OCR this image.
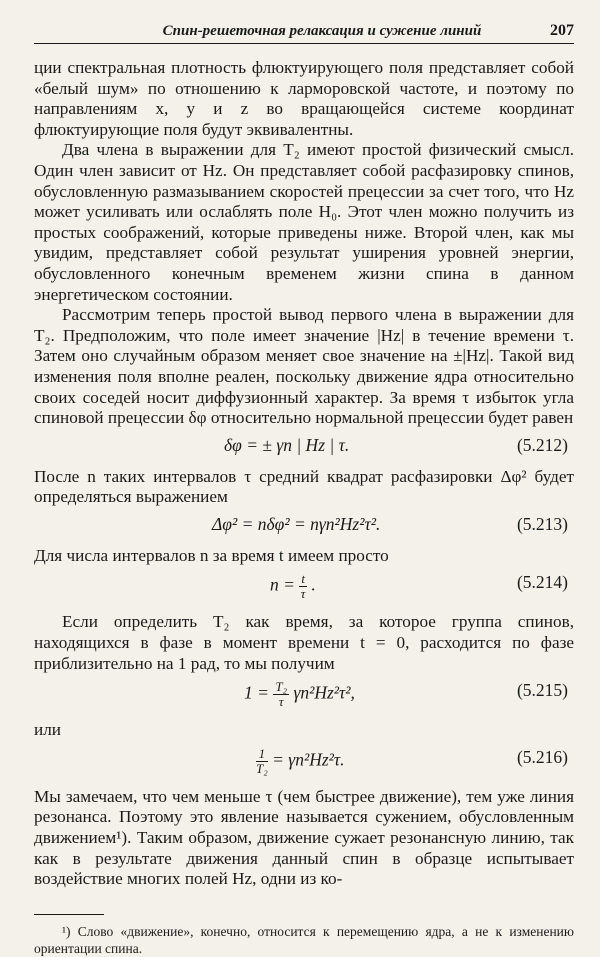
Спин-решеточная релаксация и сужение линий	207

ции спектральная плотность флюктуирующего поля представляет собой «белый шум» по отношению к ларморовской частоте, и поэтому по направлениям x, y и z во вращающейся системе координат флюктуирующие поля будут эквивалентны.

Два члена в выражении для T₂ имеют простой физический смысл. Один член зависит от Hz. Он представляет собой расфазировку спинов, обусловленную размазыванием скоростей прецессии за счет того, что Hz может усиливать или ослаблять поле H₀. Этот член можно получить из простых соображений, которые приведены ниже. Второй член, как мы увидим, представляет собой результат уширения уровней энергии, обусловленного конечным временем жизни спина в данном энергетическом состоянии.

Рассмотрим теперь простой вывод первого члена в выражении для T₂. Предположим, что поле имеет значение |Hz| в течение времени τ. Затем оно случайным образом меняет свое значение на ±|Hz|. Такой вид изменения поля вполне реален, поскольку движение ядра относительно своих соседей носит диффузионный характер. За время τ избыток угла спиновой прецессии δφ относительно нормальной прецессии будет равен

δφ = ± γn | Hz | τ.	(5.212)

После n таких интервалов τ средний квадрат расфазировки Δφ² будет определяться выражением

Δφ² = nδφ² = nγn²Hz²τ².	(5.213)

Для числа интервалов n за время t имеем просто

$n = \frac{t}{\tau}$ .	(5.214)

Если определить T₂ как время, за которое группа спинов, находящихся в фазе в момент времени t = 0, расходится по фазе приблизительно на 1 рад, то мы получим

$1 = \frac{\text{T₂}}{\tau} \gamma n^2Hz^2\tau^2$,	(5.215)

или

$\frac{1}{\text{T₂}} = \gamma n^2Hz^2\tau$.	(5.216)

Мы замечаем, что чем меньше τ (чем быстрее движение), тем уже линия резонанса. Поэтому это явление называется сужением, обусловленным движением¹). Таким образом, движение сужает резонансную линию, так как в результате движения данный спин в образце испытывает воздействие многих полей Hz, одни из ко-

¹) Слово «движение», конечно, относится к перемещению ядра, а не к изменению ориентации спина.
